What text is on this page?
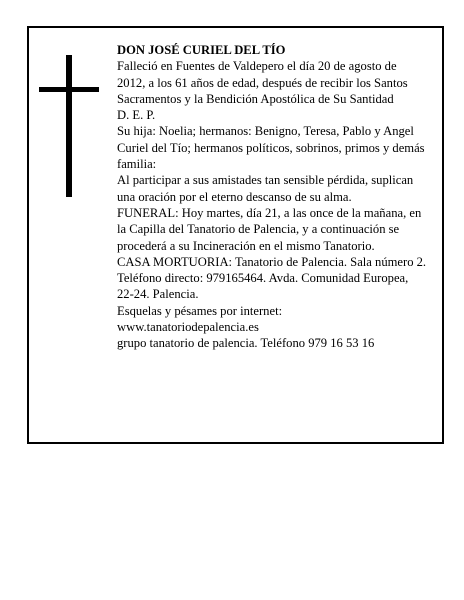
DON JOSÉ CURIEL DEL TÍO

Falleció en Fuentes de Valdepero el día 20 de agosto de 2012, a los 61 años de edad, después de recibir los Santos Sacramentos y la Bendición Apostólica de Su Santidad

D. E. P.

Su hija: Noelia; hermanos: Benigno, Teresa, Pablo y Angel Curiel del Tío; hermanos políticos, sobrinos, primos y demás familia:

Al participar a sus amistades tan sensible pérdida, suplican una oración por el eterno descanso de su alma.

FUNERAL: Hoy martes, día 21, a las once de la mañana, en la Capilla del Tanatorio de Palencia, y a continuación se procederá a su Incineración en el mismo Tanatorio.

CASA MORTUORIA: Tanatorio de Palencia. Sala número 2. Teléfono directo: 979165464. Avda. Comunidad Europea, 22-24. Palencia.

Esquelas y pésames por internet:

www.tanatoriodepalencia.es

grupo tanatorio de palencia. Teléfono 979 16 53 16
